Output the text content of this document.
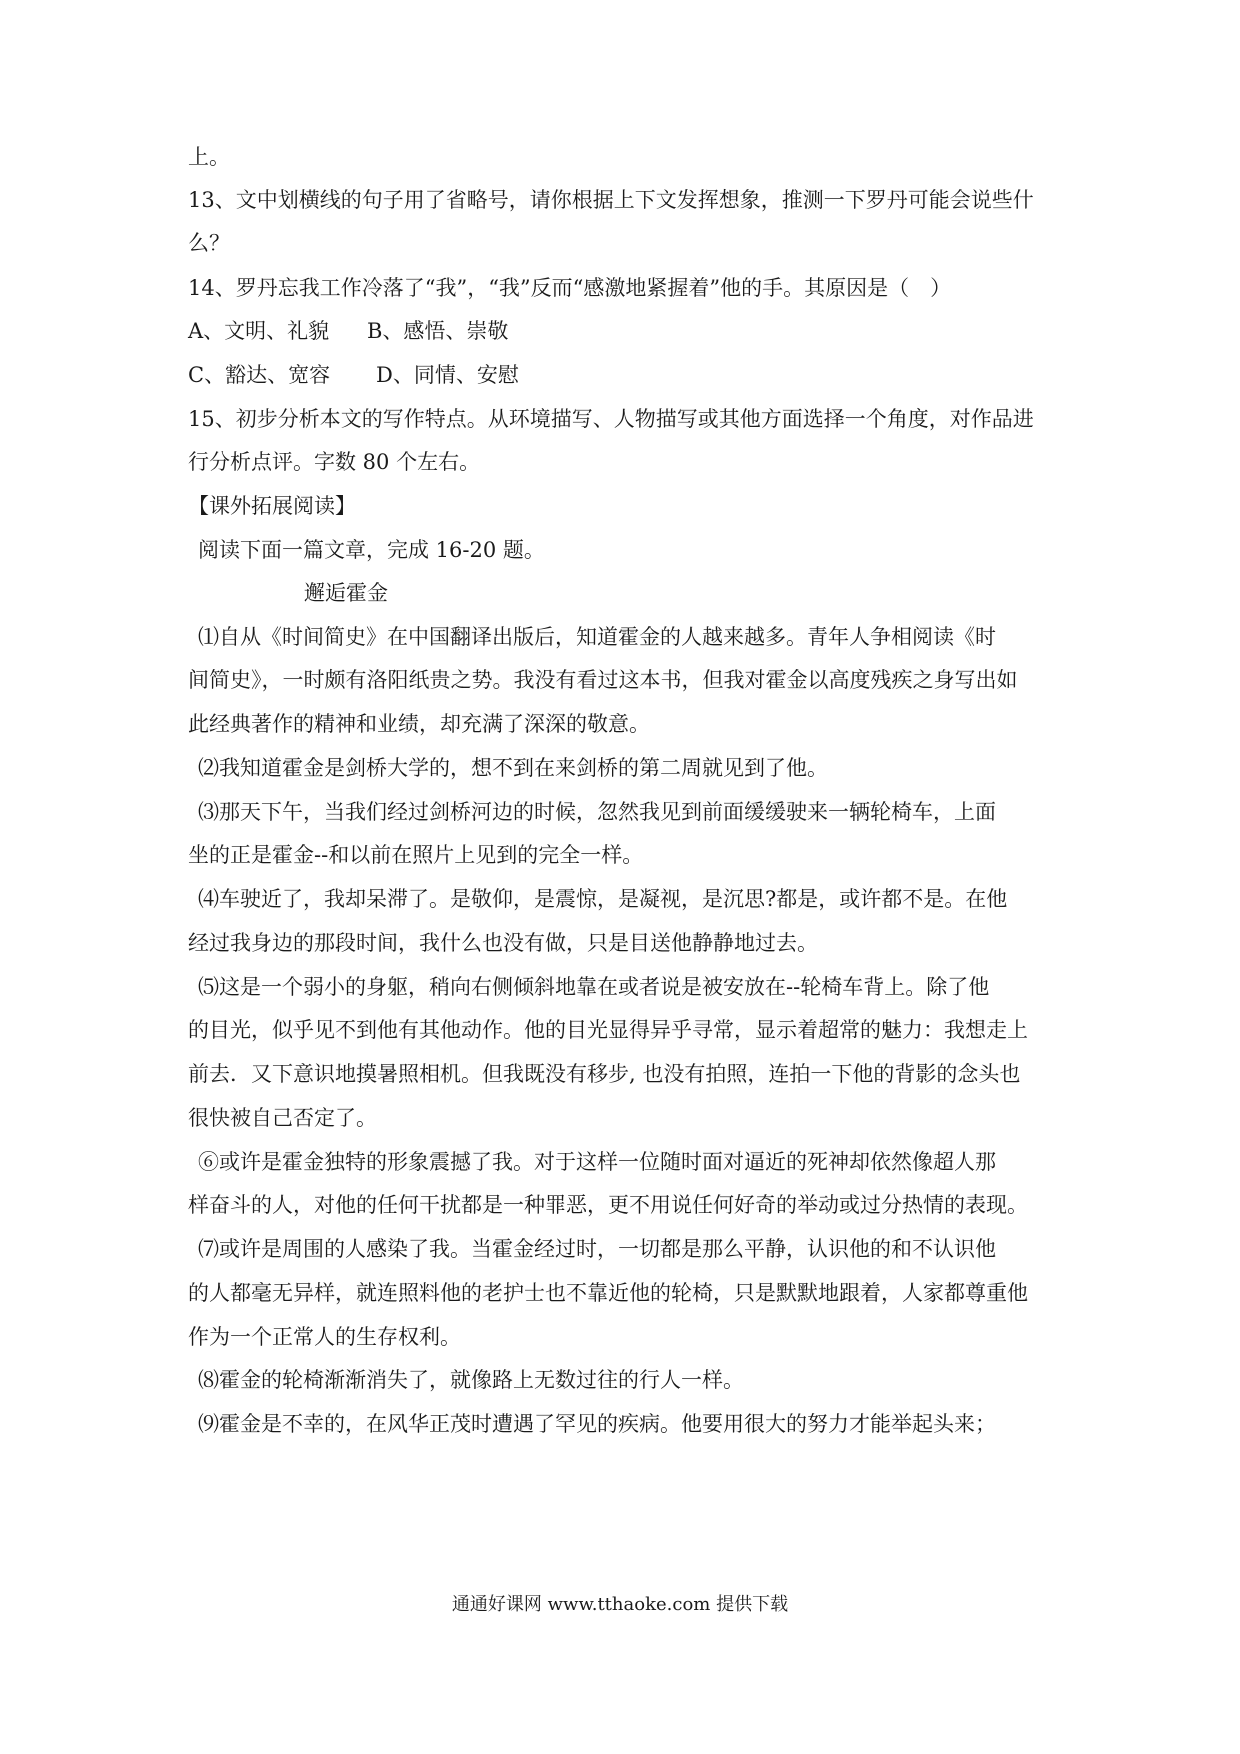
上。
13、文中划横线的句子用了省略号，请你根据上下文发挥想象，推测一下罗丹可能会说些什
么？
14、罗丹忘我工作冷落了“我”，“我”反而“感激地紧握着”他的手。其原因是（　）
A、文明、礼貌 B、感悟、崇敬
C、豁达、宽容 D、同情、安慰
15、初步分析本文的写作特点。从环境描写、人物描写或其他方面选择一个角度，对作品进
行分析点评。字数 80 个左右。
【课外拓展阅读】
阅读下面一篇文章，完成 16-20 题。
邂逅霍金
⑴自从《时间简史》在中国翻译出版后，知道霍金的人越来越多。青年人争相阅读《时
间简史》，一时颇有洛阳纸贵之势。我没有看过这本书，但我对霍金以高度残疾之身写出如
此经典著作的精神和业绩，却充满了深深的敬意。
⑵我知道霍金是剑桥大学的，想不到在来剑桥的第二周就见到了他。
⑶那天下午，当我们经过剑桥河边的时候，忽然我见到前面缓缓驶来一辆轮椅车，上面
坐的正是霍金--和以前在照片上见到的完全一样。
⑷车驶近了，我却呆滞了。是敬仰，是震惊，是凝视，是沉思?都是，或许都不是。在他
经过我身边的那段时间，我什么也没有做，只是目送他静静地过去。
⑸这是一个弱小的身躯，稍向右侧倾斜地靠在或者说是被安放在--轮椅车背上。除了他
的目光，似乎见不到他有其他动作。他的目光显得异乎寻常，显示着超常的魅力：我想走上
前去．又下意识地摸暑照相机。但我既没有移步, 也没有拍照，连拍一下他的背影的念头也
很快被自己否定了。
⑥或许是霍金独特的形象震撼了我。对于这样一位随时面对逼近的死神却依然像超人那
样奋斗的人，对他的任何干扰都是一种罪恶，更不用说任何好奇的举动或过分热情的表现。
⑺或许是周围的人感染了我。当霍金经过时，一切都是那么平静，认识他的和不认识他
的人都毫无异样，就连照料他的老护士也不靠近他的轮椅，只是默默地跟着，人家都尊重他
作为一个正常人的生存权利。
⑻霍金的轮椅渐渐消失了，就像路上无数过往的行人一样。
⑼霍金是不幸的，在风华正茂时遭遇了罕见的疾病。他要用很大的努力才能举起头来；
通通好课网 www.tthaoke.com 提供下载
